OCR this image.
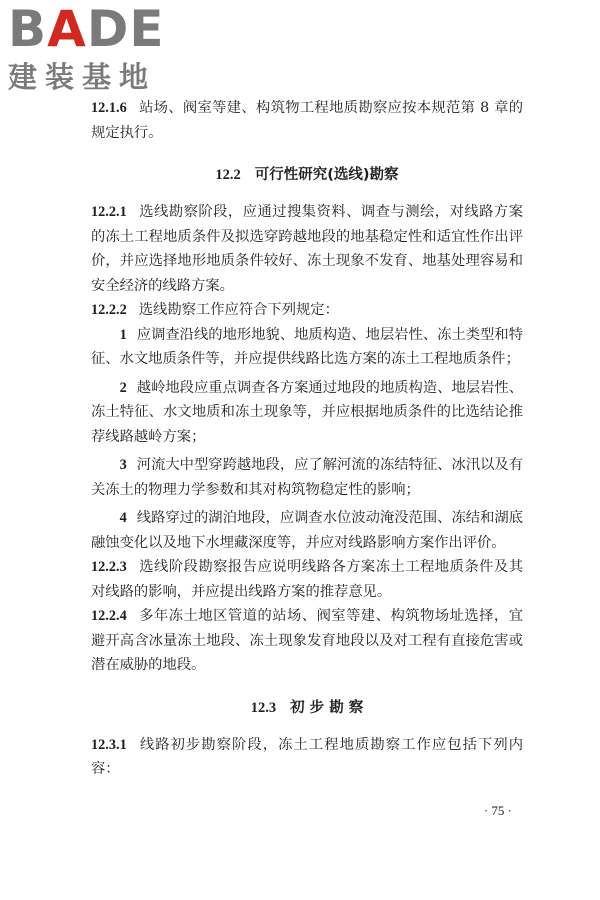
B A DE
建装基地

12.1.6 站场、阀室等建、构筑物工程地质勘察应按本规范第 8 章的规定执行。

12.2 可行性研究(选线)勘察

12.2.1 选线勘察阶段，应通过搜集资料、调查与测绘，对线路方案的冻土工程地质条件及拟选穿跨越地段的地基稳定性和适宜性作出评价，并应选择地形地质条件较好、冻土现象不发育、地基处理容易和安全经济的线路方案。

12.2.2 选线勘察工作应符合下列规定：

1 应调查沿线的地形地貌、地质构造、地层岩性、冻土类型和特征、水文地质条件等，并应提供线路比选方案的冻土工程地质条件；

2 越岭地段应重点调查各方案通过地段的地质构造、地层岩性、冻土特征、水文地质和冻土现象等，并应根据地质条件的比选结论推荐线路越岭方案；

3 河流大中型穿跨越地段，应了解河流的冻结特征、冰汛以及有关冻土的物理力学参数和其对构筑物稳定性的影响；

4 线路穿过的湖泊地段，应调查水位波动淹没范围、冻结和湖底融蚀变化以及地下水埋藏深度等，并应对线路影响方案作出评价。

12.2.3 选线阶段勘察报告应说明线路各方案冻土工程地质条件及其对线路的影响，并应提出线路方案的推荐意见。

12.2.4 多年冻土地区管道的站场、阀室等建、构筑物场址选择，宜避开高含冰量冻土地段、冻土现象发育地段以及对工程有直接危害或潜在威胁的地段。

12.3 初 步 勘 察

12.3.1 线路初步勘察阶段，冻土工程地质勘察工作应包括下列内容：

· 75 ·
